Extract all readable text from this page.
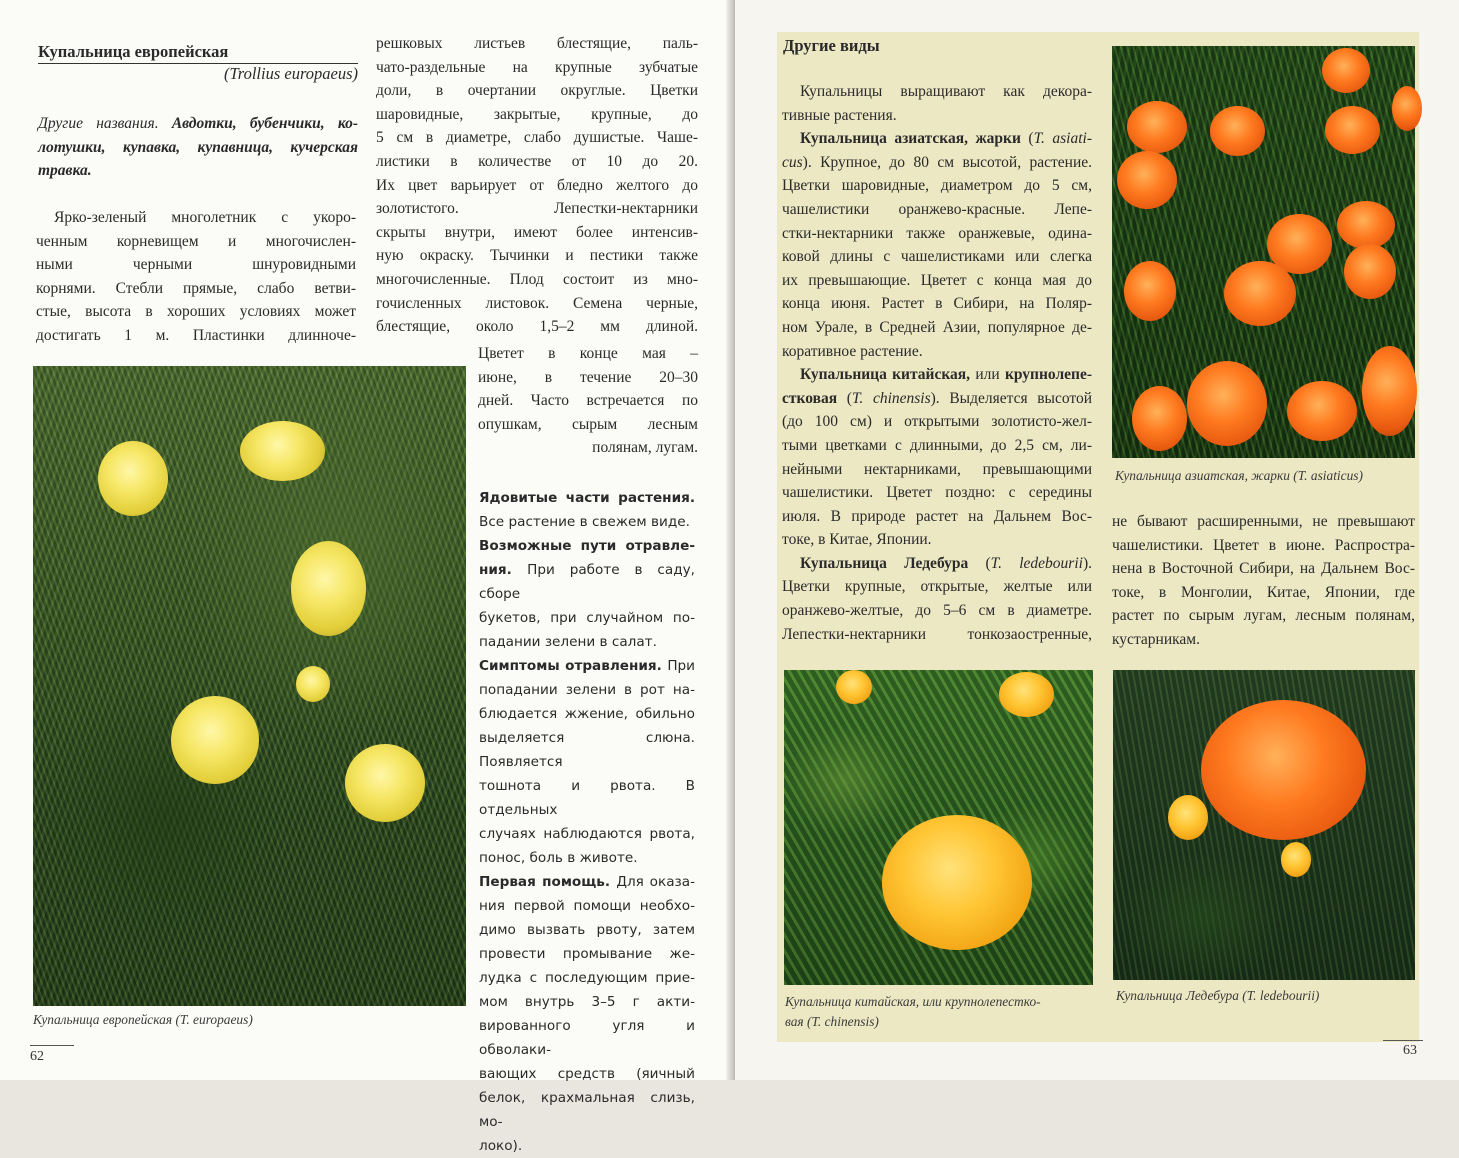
Купальница европейская
(Trollius europaeus)
Другие названия. Авдотки, бубенчики, ко-
лотушки, купавка, купавница, кучерская
травка.
Ярко-зеленый многолетник с укоро-
ченным корневищем и многочислен-
ными черными шнуровидными
корнями. Стебли прямые, слабо ветви-
стые, высота в хороших условиях может
достигать 1 м. Пластинки длинноче-
решковых листьев блестящие, паль-
чато-раздельные на крупные зубчатые
доли, в очертании округлые. Цветки
шаровидные, закрытые, крупные, до
5 см в диаметре, слабо душистые. Чаше-
листики в количестве от 10 до 20.
Их цвет варьирует от бледно желтого до
золотистого. Лепестки-нектарники
скрыты внутри, имеют более интенсив-
ную окраску. Тычинки и пестики также
многочисленные. Плод состоит из мно-
гочисленных листовок. Семена черные,
блестящие, около 1,5–2 мм длиной.
Цветет в конце мая –
июне, в течение 20–30
дней. Часто встречается по
опушкам, сырым лесным
полянам, лугам.
Ядовитые части растения.
Все растение в свежем виде.
Возможные пути отравле-
ния. При работе в саду, сборе
букетов, при случайном по-
падании зелени в салат.
Симптомы отравления. При
попадании зелени в рот на-
блюдается жжение, обильно
выделяется слюна. Появляется
тошнота и рвота. В отдельных
случаях наблюдаются рвота,
понос, боль в животе.
Первая помощь. Для оказа-
ния первой помощи необхо-
димо вызвать рвоту, затем
провести промывание же-
лудка с последующим прие-
мом внутрь 3–5 г акти-
вированного угля и обволаки-
вающих средств (яичный
белок, крахмальная слизь, мо-
локо).
Купальница европейская (T. europaeus)
62
Другие виды
Купальницы выращивают как декора-
тивные растения.
Купальница азиатская, жарки (T. asiati-
cus). Крупное, до 80 см высотой, растение.
Цветки шаровидные, диаметром до 5 см,
чашелистики оранжево-красные. Лепе-
стки-нектарники также оранжевые, одина-
ковой длины с чашелистиками или слегка
их превышающие. Цветет с конца мая до
конца июня. Растет в Сибири, на Поляр-
ном Урале, в Средней Азии, популярное де-
коративное растение.
Купальница китайская, или крупнолепе-
стковая (T. chinensis). Выделяется высотой
(до 100 см) и открытыми золотисто-жел-
тыми цветками с длинными, до 2,5 см, ли-
нейными нектарниками, превышающими
чашелистики. Цветет поздно: с середины
июля. В природе растет на Дальнем Вос-
токе, в Китае, Японии.
Купальница Ледебура (T. ledebourii).
Цветки крупные, открытые, желтые или
оранжево-желтые, до 5–6 см в диаметре.
Лепестки-нектарники тонкозаостренные,
не бывают расширенными, не превышают
чашелистики. Цветет в июне. Распростра-
нена в Восточной Сибири, на Дальнем Вос-
токе, в Монголии, Китае, Японии, где
растет по сырым лугам, лесным полянам,
кустарникам.
Купальница азиатская, жарки (T. asiaticus)
Купальница китайская, или крупнолепестко-
вая (T. chinensis)
Купальница Ледебура (T. ledebourii)
63
